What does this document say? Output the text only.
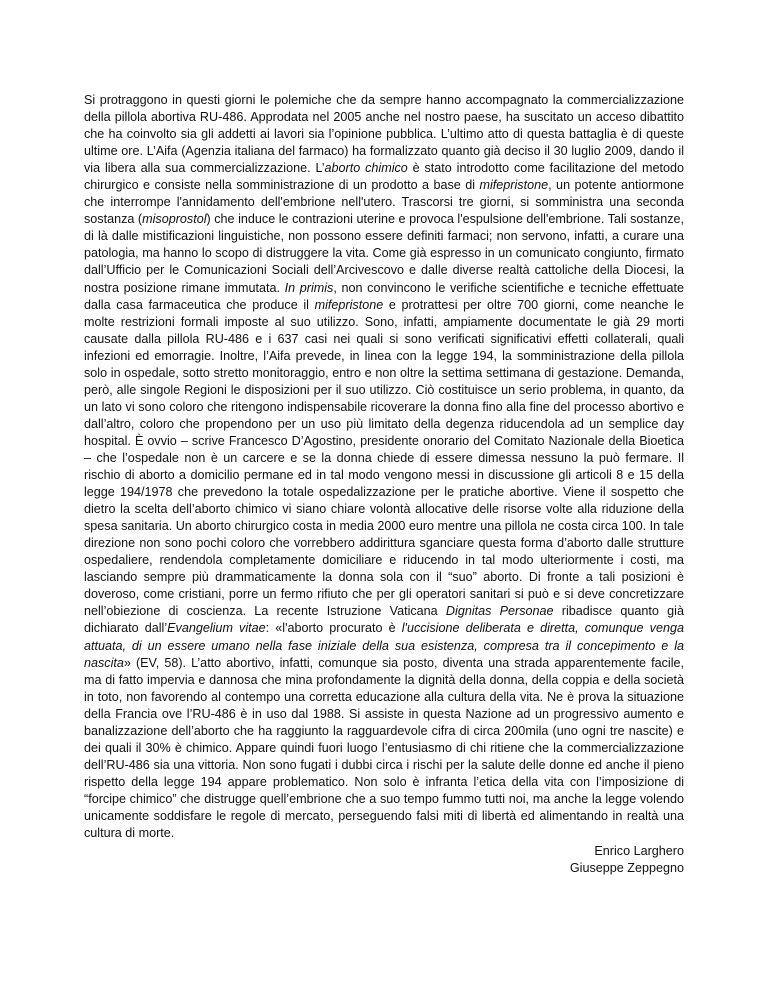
Si protraggono in questi giorni le polemiche che da sempre hanno accompagnato la commercializzazione della pillola abortiva RU-486. Approdata nel 2005 anche nel nostro paese, ha suscitato un acceso dibattito che ha coinvolto sia gli addetti ai lavori sia l’opinione pubblica. L’ultimo atto di questa battaglia è di queste ultime ore. L’Aifa (Agenzia italiana del farmaco) ha formalizzato quanto già deciso il 30 luglio 2009, dando il via libera alla sua commercializzazione. L’aborto chimico è stato introdotto come facilitazione del metodo chirurgico e consiste nella somministrazione di un prodotto a base di mifepristone, un potente antiormone che interrompe l'annidamento dell'embrione nell'utero. Trascorsi tre giorni, si somministra una seconda sostanza (misoprostol) che induce le contrazioni uterine e provoca l'espulsione dell'embrione. Tali sostanze, di là dalle mistificazioni linguistiche, non possono essere definiti farmaci; non servono, infatti, a curare una patologia, ma hanno lo scopo di distruggere la vita. Come già espresso in un comunicato congiunto, firmato dall’Ufficio per le Comunicazioni Sociali dell’Arcivescovo e dalle diverse realtà cattoliche della Diocesi, la nostra posizione rimane immutata. In primis, non convincono le verifiche scientifiche e tecniche effettuate dalla casa farmaceutica che produce il mifepristone e protrattesi per oltre 700 giorni, come neanche le molte restrizioni formali imposte al suo utilizzo. Sono, infatti, ampiamente documentate le già 29 morti causate dalla pillola RU-486 e i 637 casi nei quali si sono verificati significativi effetti collaterali, quali infezioni ed emorragie. Inoltre, l’Aifa prevede, in linea con la legge 194, la somministrazione della pillola solo in ospedale, sotto stretto monitoraggio, entro e non oltre la settima settimana di gestazione. Demanda, però, alle singole Regioni le disposizioni per il suo utilizzo. Ciò costituisce un serio problema, in quanto, da un lato vi sono coloro che ritengono indispensabile ricoverare la donna fino alla fine del processo abortivo e dall’altro, coloro che propendono per un uso più limitato della degenza riducendola ad un semplice day hospital. È ovvio – scrive Francesco D’Agostino, presidente onorario del Comitato Nazionale della Bioetica – che l’ospedale non è un carcere e se la donna chiede di essere dimessa nessuno la può fermare. Il rischio di aborto a domicilio permane ed in tal modo vengono messi in discussione gli articoli 8 e 15 della legge 194/1978 che prevedono la totale ospedalizzazione per le pratiche abortive. Viene il sospetto che dietro la scelta dell’aborto chimico vi siano chiare volontà allocative delle risorse volte alla riduzione della spesa sanitaria. Un aborto chirurgico costa in media 2000 euro mentre una pillola ne costa circa 100. In tale direzione non sono pochi coloro che vorrebbero addirittura sganciare questa forma d’aborto dalle strutture ospedaliere, rendendola completamente domiciliare e riducendo in tal modo ulteriormente i costi, ma lasciando sempre più drammaticamente la donna sola con il “suo” aborto. Di fronte a tali posizioni è doveroso, come cristiani, porre un fermo rifiuto che per gli operatori sanitari si può e si deve concretizzare nell’obiezione di coscienza. La recente Istruzione Vaticana Dignitas Personae ribadisce quanto già dichiarato dall’Evangelium vitae: «l'aborto procurato è l'uccisione deliberata e diretta, comunque venga attuata, di un essere umano nella fase iniziale della sua esistenza, compresa tra il concepimento e la nascita» (EV, 58). L’atto abortivo, infatti, comunque sia posto, diventa una strada apparentemente facile, ma di fatto impervia e dannosa che mina profondamente la dignità della donna, della coppia e della società in toto, non favorendo al contempo una corretta educazione alla cultura della vita. Ne è prova la situazione della Francia ove l’RU-486 è in uso dal 1988. Si assiste in questa Nazione ad un progressivo aumento e banalizzazione dell’aborto che ha raggiunto la ragguardevole cifra di circa 200mila (uno ogni tre nascite) e dei quali il 30% è chimico. Appare quindi fuori luogo l’entusiasmo di chi ritiene che la commercializzazione dell’RU-486 sia una vittoria. Non sono fugati i dubbi circa i rischi per la salute delle donne ed anche il pieno rispetto della legge 194 appare problematico. Non solo è infranta l’etica della vita con l’imposizione di “forcipe chimico” che distrugge quell’embrione che a suo tempo fummo tutti noi, ma anche la legge volendo unicamente soddisfare le regole di mercato, perseguendo falsi miti di libertà ed alimentando in realtà una cultura di morte.

Enrico Larghero
Giuseppe Zeppegno
